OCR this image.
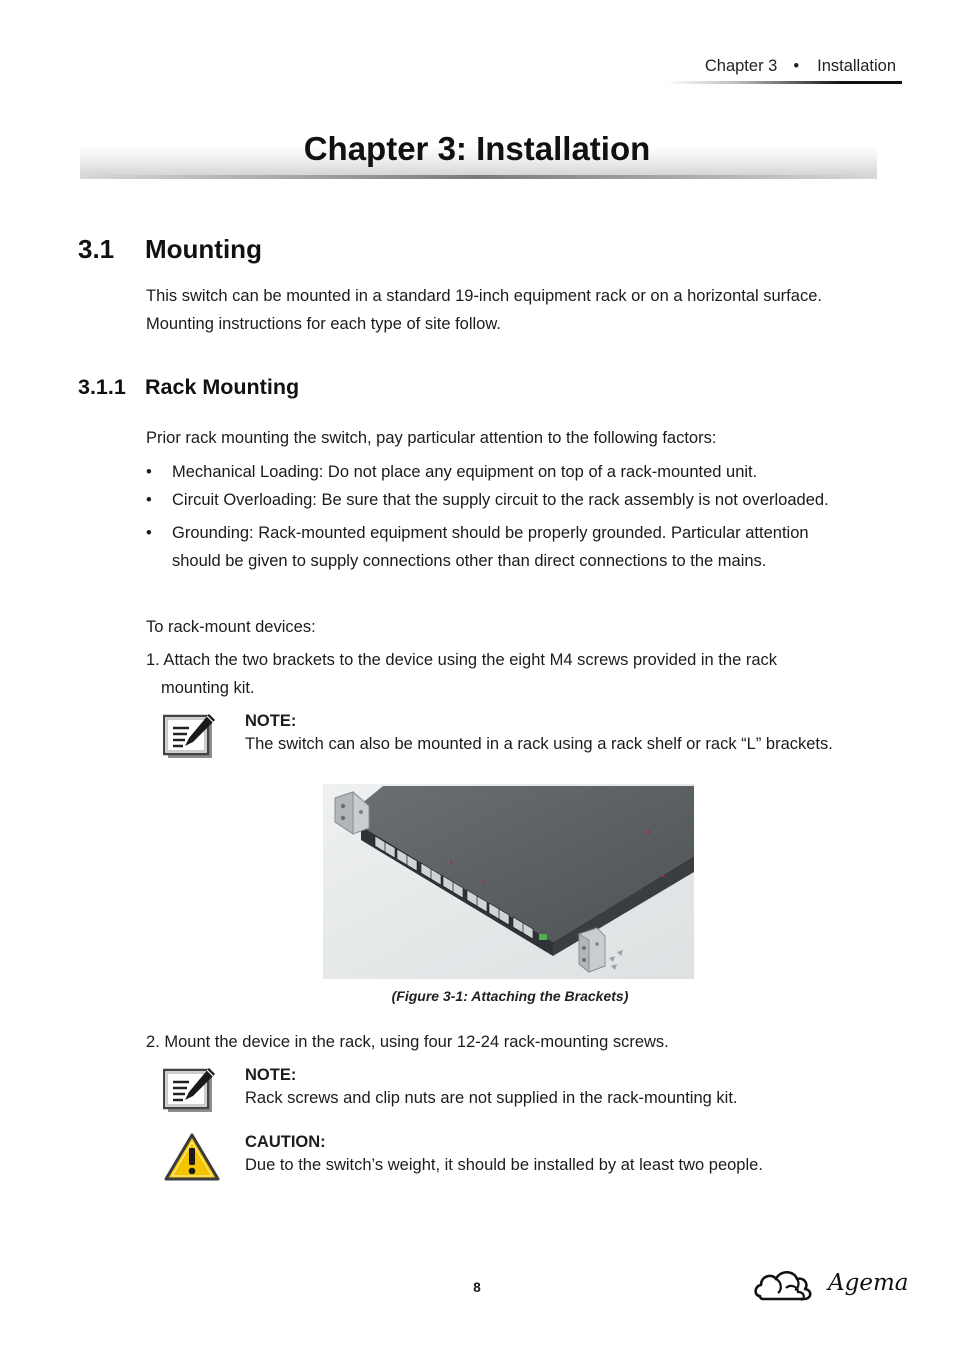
Chapter 3 • Installation
Chapter 3: Installation
3.1 Mounting

This switch can be mounted in a standard 19-inch equipment rack or on a horizontal surface.
Mounting instructions for each type of site follow.

3.1.1 Rack Mounting

Prior rack mounting the switch, pay particular attention to the following factors:

• Mechanical Loading: Do not place any equipment on top of a rack-mounted unit.
• Circuit Overloading: Be sure that the supply circuit to the rack assembly is not overloaded.
• Grounding: Rack-mounted equipment should be properly grounded. Particular attention
should be given to supply connections other than direct connections to the mains.

To rack-mount devices:

1. Attach the two brackets to the device using the eight M4 screws provided in the rack
mounting kit.

NOTE:
The switch can also be mounted in a rack using a rack shelf or rack “L” brackets.
(Figure 3-1: Attaching the Brackets)

2. Mount the device in the rack, using four 12-24 rack-mounting screws.

NOTE:
Rack screws and clip nuts are not supplied in the rack-mounting kit.
CAUTION:
Due to the switch’s weight, it should be installed by at least two people.
8	Agema
